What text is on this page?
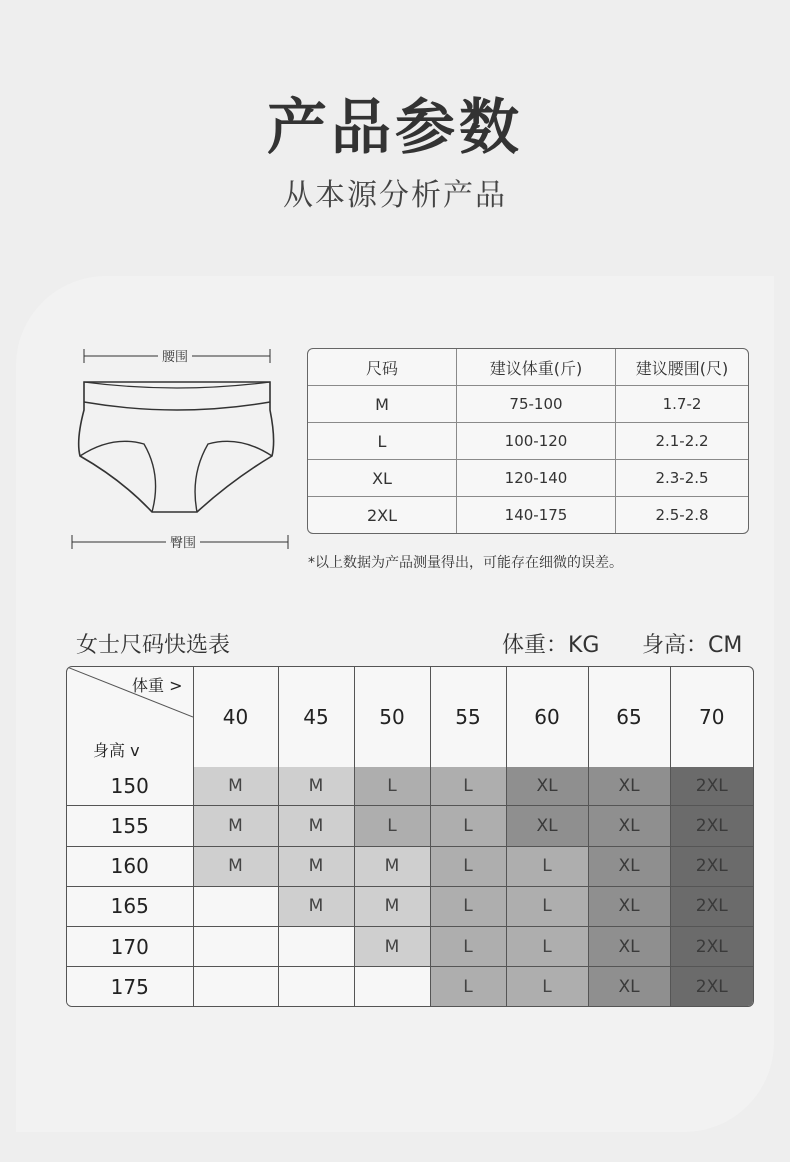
产品参数
从本源分析产品
腰围
臀围
尺码	建议体重(斤)	建议腰围(尺)
M	75-100	1.7-2
L	100-120	2.1-2.2
XL	120-140	2.3-2.5
2XL	140-175	2.5-2.8
*以上数据为产品测量得出，可能存在细微的误差。
女士尺码快选表	体重：KG 身高：CM
体重 >
身高 v	40	45	50	55	60	65	70
150	M	M	L	L	XL	XL	2XL
155	M	M	L	L	XL	XL	2XL
160	M	M	M	L	L	XL	2XL
165		M	M	L	L	XL	2XL
170			M	L	L	XL	2XL
175				L	L	XL	2XL
